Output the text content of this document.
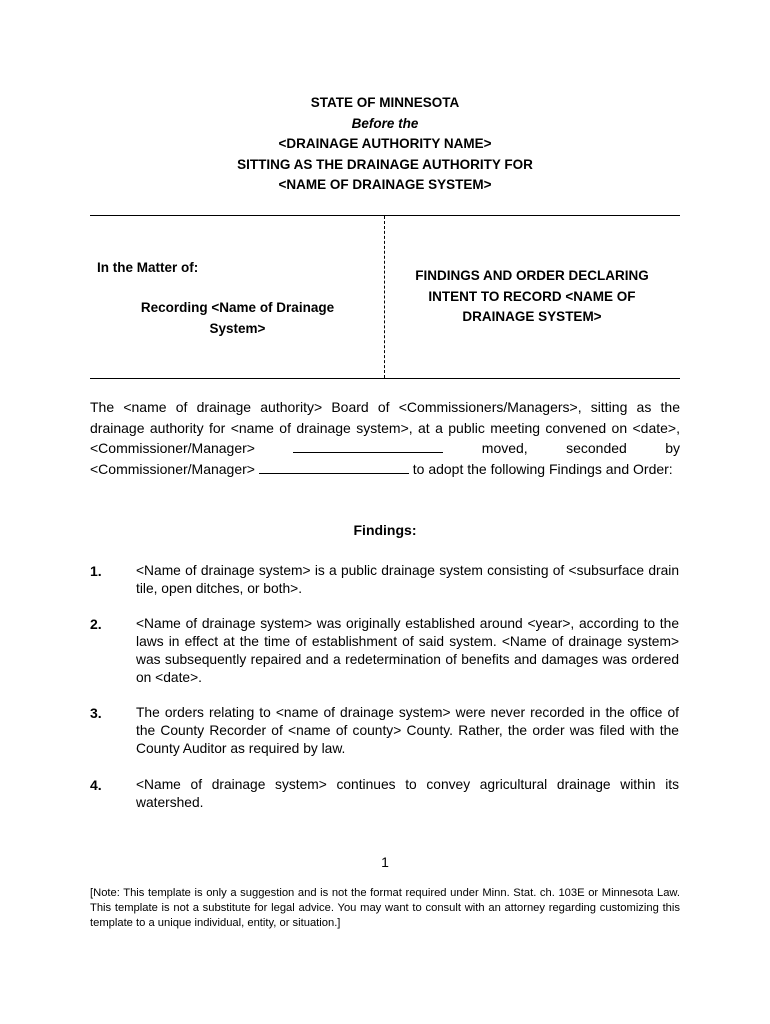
STATE OF MINNESOTA
Before the
<DRAINAGE AUTHORITY NAME>
SITTING AS THE DRAINAGE AUTHORITY FOR
<NAME OF DRAINAGE SYSTEM>
In the Matter of:
Recording <Name of Drainage
System>
FINDINGS AND ORDER DECLARING
INTENT TO RECORD <NAME OF
DRAINAGE SYSTEM>
The <name of drainage authority> Board of <Commissioners/Managers>, sitting as the drainage authority for <name of drainage system>, at a public meeting convened on <date>, <Commissioner/Manager>	moved, seconded by <Commissioner/Manager>	to adopt the following Findings and Order:
Findings:
1. <Name of drainage system> is a public drainage system consisting of <subsurface drain tile, open ditches, or both>.
2. <Name of drainage system> was originally established around <year>, according to the laws in effect at the time of establishment of said system. <Name of drainage system> was subsequently repaired and a redetermination of benefits and damages was ordered on <date>.
3. The orders relating to <name of drainage system> were never recorded in the office of the County Recorder of <name of county> County. Rather, the order was filed with the County Auditor as required by law.
4. <Name of drainage system> continues to convey agricultural drainage within its watershed.
1
[Note: This template is only a suggestion and is not the format required under Minn. Stat. ch. 103E or Minnesota Law. This template is not a substitute for legal advice. You may want to consult with an attorney regarding customizing this template to a unique individual, entity, or situation.]
